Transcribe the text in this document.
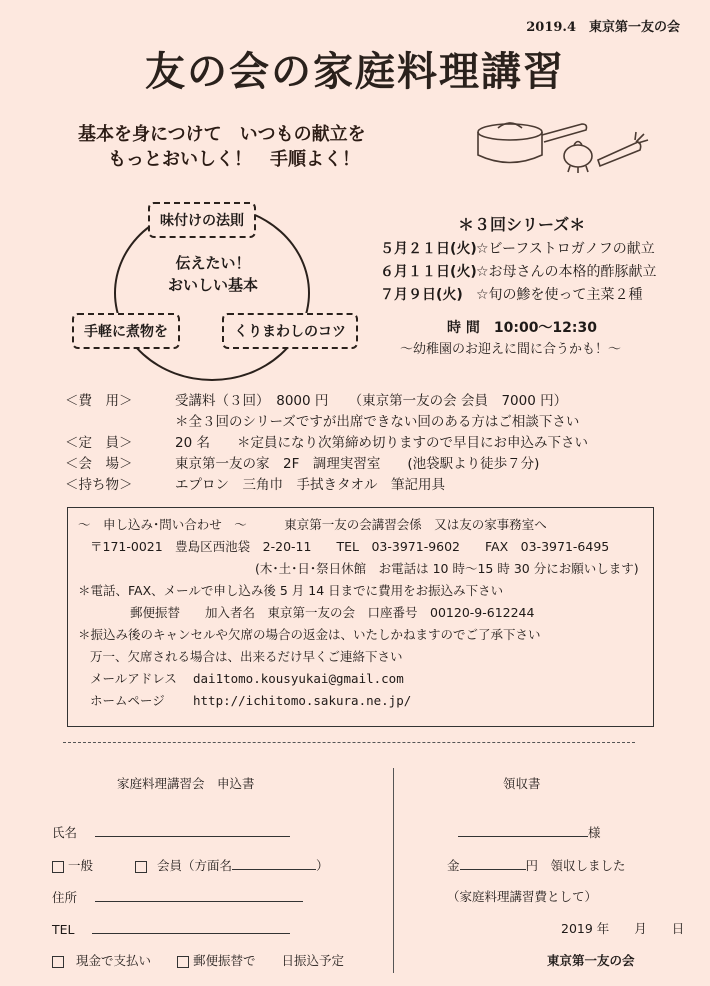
2019.4　東京第一友の会
友の会の家庭料理講習
基本を身につけて　いつもの献立を
もっとおいしく！　手順よく！
味付けの法則
伝えたい！
おいしい基本
手軽に煮物を	くりまわしのコツ
＊３回シリーズ＊
５月２１日(火)☆ビーフストロガノフの献立
６月１１日(火)☆お母さんの本格的酢豚献立
７月９日(火) ☆旬の鯵を使って主菜２種
時 間　10:00〜12:30
〜幼稚園のお迎えに間に合うかも！〜
＜費　用＞	受講料（３回）　8000 円　　（東京第一友の会 会員　7000 円）
＊全３回のシリーズですが出席できない回のある方はご相談下さい
＜定　員＞	20 名　　＊定員になり次第締め切りますので早目にお申込み下さい
＜会　場＞	東京第一友の家　2F　調理実習室　　(池袋駅より徒歩７分)
＜持ち物＞	エプロン　三角巾　手拭きタオル　筆記用具
〜　申し込み･問い合わせ　〜　　　東京第一友の会講習会係　又は友の家事務室へ
〒171-0021　豊島区西池袋　2-20-11　　TEL　03-3971-9602　　FAX　03-3971-6495
(木･土･日･祭日休館　お電話は 10 時〜15 時 30 分にお願いします)
＊電話、FAX、メールで申し込み後 5 月 14 日までに費用をお振込み下さい
郵便振替　　加入者名　東京第一友の会　口座番号　00120-9-612244
＊振込み後のキャンセルや欠席の場合の返金は、いたしかねますのでご了承下さい
万一、欠席される場合は、出来るだけ早くご連絡下さい
メールアドレス dai1tomo.kousyukai@gmail.com
ホームページ http://ichitomo.sakura.ne.jp/
家庭料理講習会　申込書
氏名
一般	会員（方面名	）
住所
TEL
現金で支払い	郵便振替で 日振込予定
領収書
様
金	円　領収しました
（家庭料理講習費として）
2019 年　　月　　日
東京第一友の会
